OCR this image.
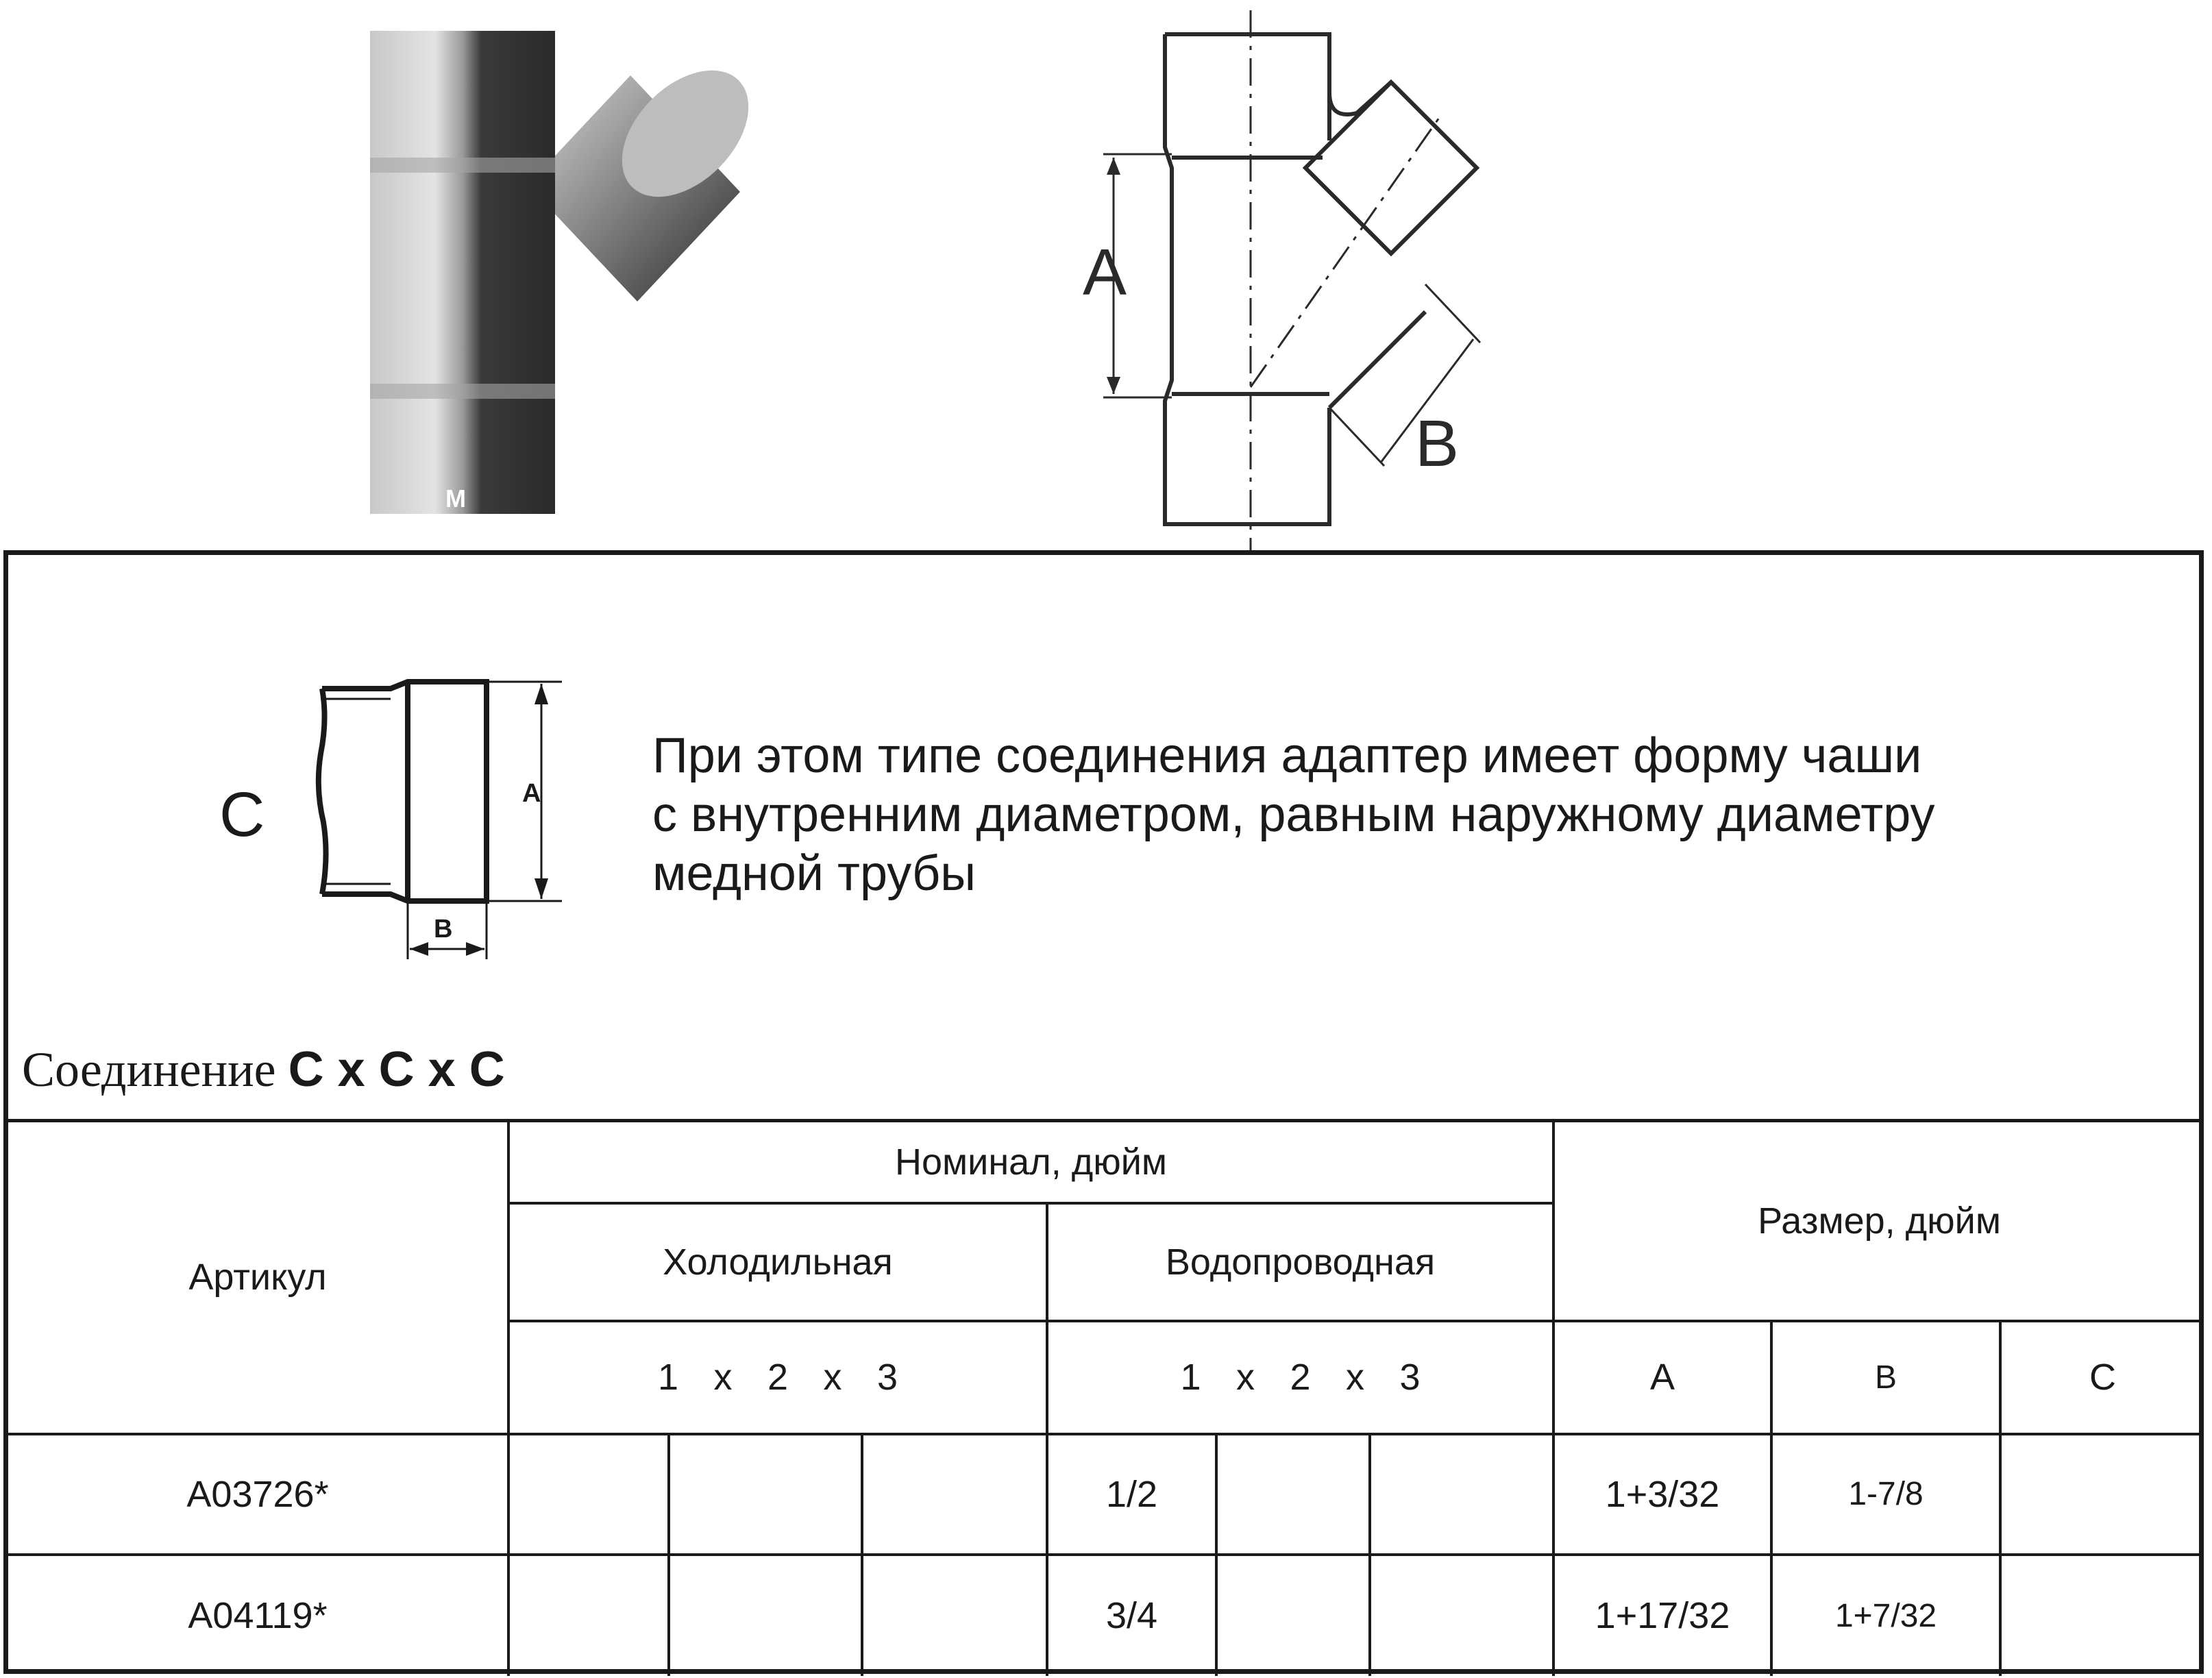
M
A
B
C	A
B
При этом типе соединения адаптер имеет форму чаши
с внутренним диаметром, равным наружному диаметру
медной трубы
Соединение C x C x C
Артикул	Номинал, дюйм						Размер, дюйм		
	Холодильная			Водопроводная					
	1 x 2 x 3			1 x 2 x 3			A	B	C
A03726*				1/2			1+3/32	1-7/8	
A04119*				3/4			1+17/32	1+7/32	
